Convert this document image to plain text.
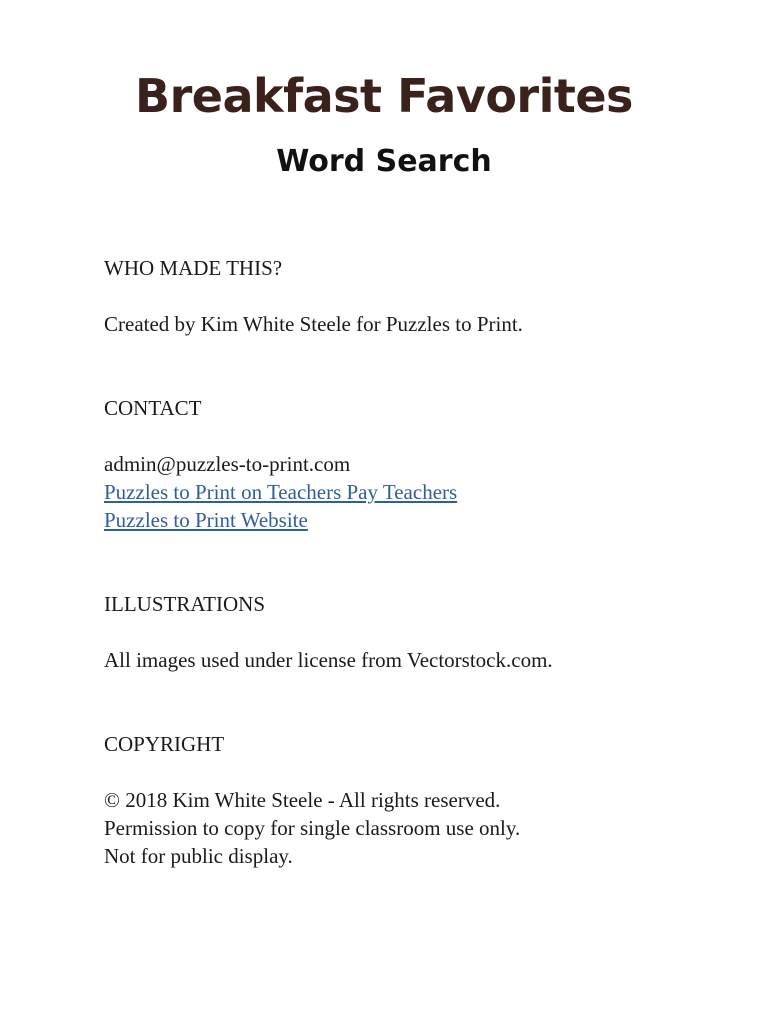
Breakfast Favorites
Word Search

WHO MADE THIS?

Created by Kim White Steele for Puzzles to Print.

CONTACT

admin@puzzles-to-print.com

Puzzles to Print on Teachers Pay Teachers
Puzzles to Print Website

ILLUSTRATIONS

All images used under license from Vectorstock.com.

COPYRIGHT

© 2018 Kim White Steele - All rights reserved.

Permission to copy for single classroom use only.

Not for public display.
